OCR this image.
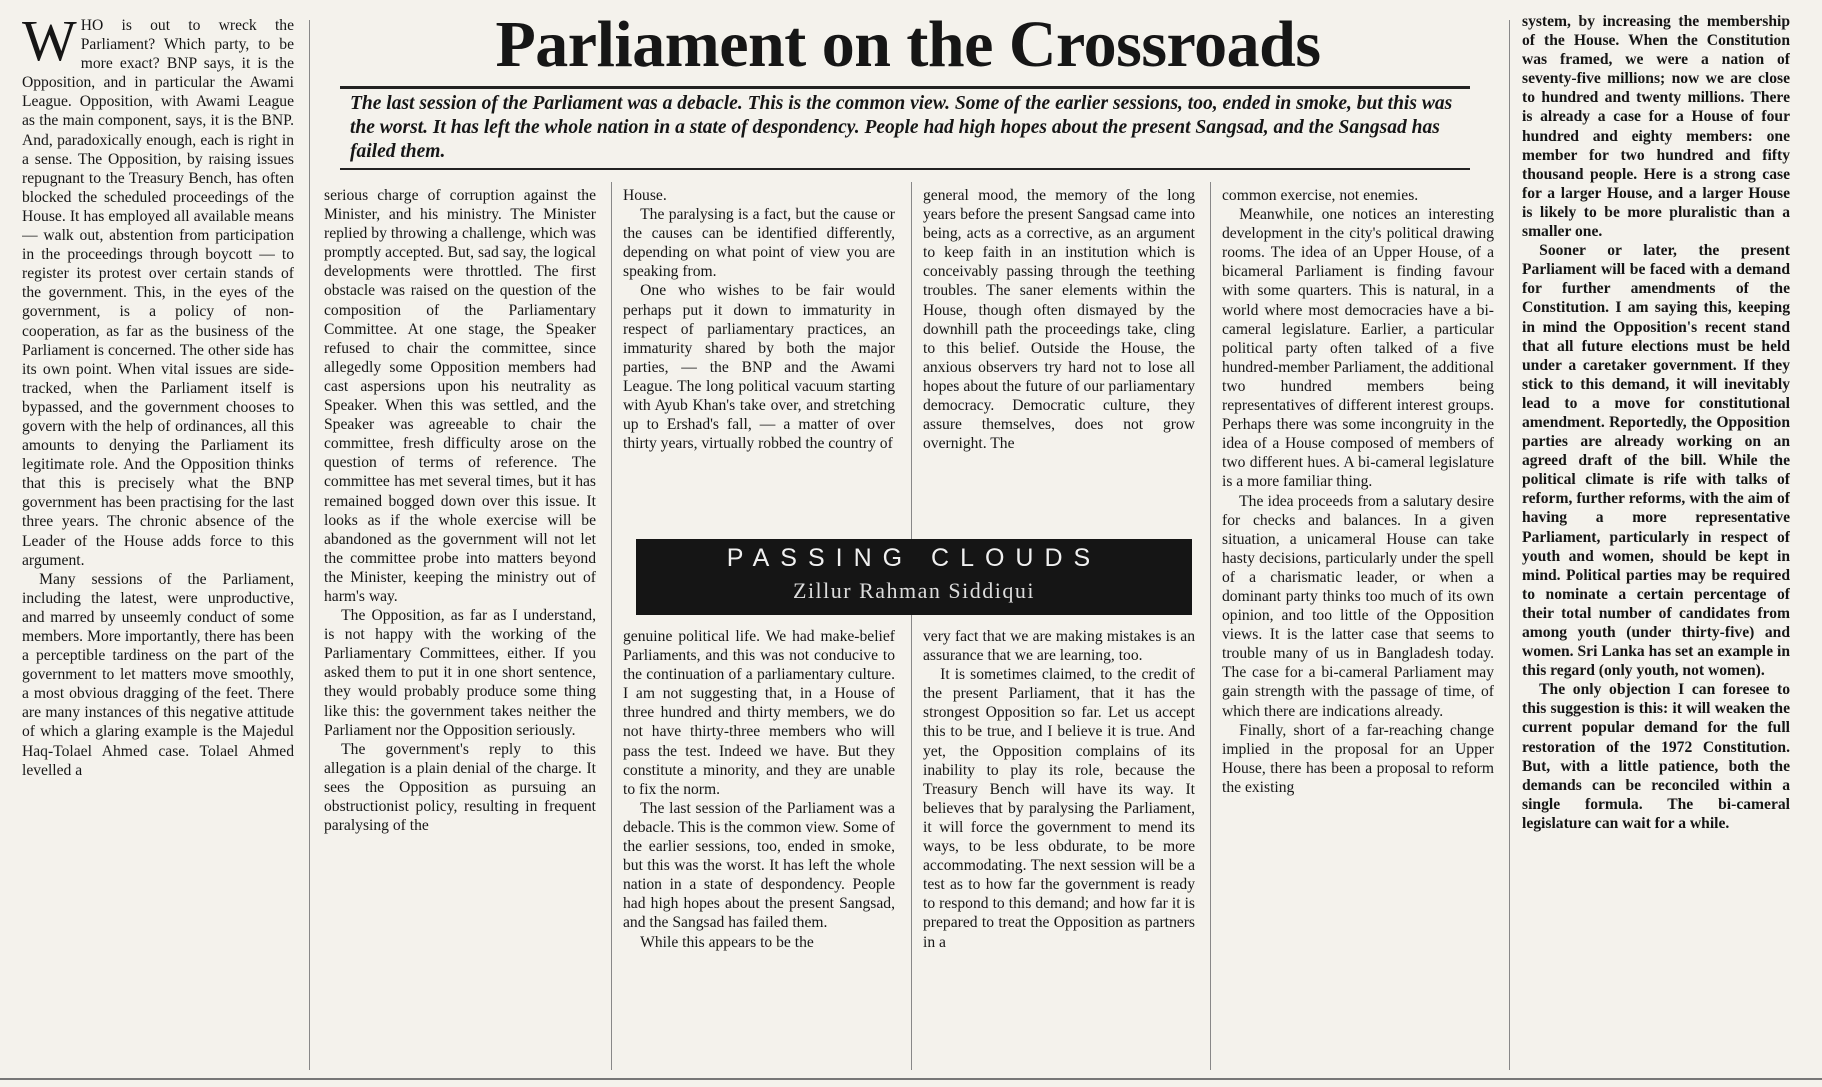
Parliament on the Crossroads
The last session of the Parliament was a debacle. This is the common view. Some of the earlier sessions, too, ended in smoke, but this was the worst. It has left the whole nation in a state of despondency. People had high hopes about the present Sangsad, and the Sangsad has failed them.

WHO is out to wreck the Parliament? Which party, to be more exact? BNP says, it is the Opposition, and in particular the Awami League. Opposition, with Awami League as the main component, says, it is the BNP. And, paradoxically enough, each is right in a sense. The Opposition, by raising issues repugnant to the Treasury Bench, has often blocked the scheduled proceedings of the House. It has employed all available means — walk out, abstention from participation in the proceedings through boycott — to register its protest over certain stands of the government. This, in the eyes of the government, is a policy of non-cooperation, as far as the business of the Parliament is concerned. The other side has its own point. When vital issues are side-tracked, when the Parliament itself is bypassed, and the government chooses to govern with the help of ordinances, all this amounts to denying the Parliament its legitimate role. And the Opposition thinks that this is precisely what the BNP government has been practising for the last three years. The chronic absence of the Leader of the House adds force to this argument.

Many sessions of the Parliament, including the latest, were unproductive, and marred by unseemly conduct of some members. More importantly, there has been a perceptible tardiness on the part of the government to let matters move smoothly, a most obvious dragging of the feet. There are many instances of this negative attitude of which a glaring example is the Majedul Haq-Tolael Ahmed case. Tolael Ahmed levelled a

serious charge of corruption against the Minister, and his ministry. The Minister replied by throwing a challenge, which was promptly accepted. But, sad say, the logical developments were throttled. The first obstacle was raised on the question of the composition of the Parliamentary Committee. At one stage, the Speaker refused to chair the committee, since allegedly some Opposition members had cast aspersions upon his neutrality as Speaker. When this was settled, and the Speaker was agreeable to chair the committee, fresh difficulty arose on the question of terms of reference. The committee has met several times, but it has remained bogged down over this issue. It looks as if the whole exercise will be abandoned as the government will not let the committee probe into matters beyond the Minister, keeping the ministry out of harm's way.

The Opposition, as far as I understand, is not happy with the working of the Parliamentary Committees, either. If you asked them to put it in one short sentence, they would probably produce some thing like this: the government takes neither the Parliament nor the Opposition seriously.

The government's reply to this allegation is a plain denial of the charge. It sees the Opposition as pursuing an obstructionist policy, resulting in frequent paralysing of the

House.

The paralysing is a fact, but the cause or the causes can be identified differently, depending on what point of view you are speaking from.

One who wishes to be fair would perhaps put it down to immaturity in respect of parliamentary practices, an immaturity shared by both the major parties, — the BNP and the Awami League. The long political vacuum starting with Ayub Khan's take over, and stretching up to Ershad's fall, — a matter of over thirty years, virtually robbed the country of

general mood, the memory of the long years before the present Sangsad came into being, acts as a corrective, as an argument to keep faith in an institution which is conceivably passing through the teething troubles. The saner elements within the House, though often dismayed by the downhill path the proceedings take, cling to this belief. Outside the House, the anxious observers try hard not to lose all hopes about the future of our parliamentary democracy. Democratic culture, they assure themselves, does not grow overnight. The

PASSING CLOUDS
Zillur Rahman Siddiqui

genuine political life. We had make-belief Parliaments, and this was not conducive to the continuation of a parliamentary culture. I am not suggesting that, in a House of three hundred and thirty members, we do not have thirty-three members who will pass the test. Indeed we have. But they constitute a minority, and they are unable to fix the norm.

The last session of the Parliament was a debacle. This is the common view. Some of the earlier sessions, too, ended in smoke, but this was the worst. It has left the whole nation in a state of despondency. People had high hopes about the present Sangsad, and the Sangsad has failed them.

While this appears to be the

very fact that we are making mistakes is an assurance that we are learning, too.

It is sometimes claimed, to the credit of the present Parliament, that it has the strongest Opposition so far. Let us accept this to be true, and I believe it is true. And yet, the Opposition complains of its inability to play its role, because the Treasury Bench will have its way. It believes that by paralysing the Parliament, it will force the government to mend its ways, to be less obdurate, to be more accommodating. The next session will be a test as to how far the government is ready to respond to this demand; and how far it is prepared to treat the Opposition as partners in a

common exercise, not enemies.

Meanwhile, one notices an interesting development in the city's political drawing rooms. The idea of an Upper House, of a bicameral Parliament is finding favour with some quarters. This is natural, in a world where most democracies have a bi-cameral legislature. Earlier, a particular political party often talked of a five hundred-member Parliament, the additional two hundred members being representatives of different interest groups. Perhaps there was some incongruity in the idea of a House composed of members of two different hues. A bi-cameral legislature is a more familiar thing.

The idea proceeds from a salutary desire for checks and balances. In a given situation, a unicameral House can take hasty decisions, particularly under the spell of a charismatic leader, or when a dominant party thinks too much of its own opinion, and too little of the Opposition views. It is the latter case that seems to trouble many of us in Bangladesh today. The case for a bi-cameral Parliament may gain strength with the passage of time, of which there are indications already.

Finally, short of a far-reaching change implied in the proposal for an Upper House, there has been a proposal to reform the existing

system, by increasing the membership of the House. When the Constitution was framed, we were a nation of seventy-five millions; now we are close to hundred and twenty millions. There is already a case for a House of four hundred and eighty members: one member for two hundred and fifty thousand people. Here is a strong case for a larger House, and a larger House is likely to be more pluralistic than a smaller one.

Sooner or later, the present Parliament will be faced with a demand for further amendments of the Constitution. I am saying this, keeping in mind the Opposition's recent stand that all future elections must be held under a caretaker government. If they stick to this demand, it will inevitably lead to a move for constitutional amendment. Reportedly, the Opposition parties are already working on an agreed draft of the bill. While the political climate is rife with talks of reform, further reforms, with the aim of having a more representative Parliament, particularly in respect of youth and women, should be kept in mind. Political parties may be required to nominate a certain percentage of their total number of candidates from among youth (under thirty-five) and women. Sri Lanka has set an example in this regard (only youth, not women).

The only objection I can foresee to this suggestion is this: it will weaken the current popular demand for the full restoration of the 1972 Constitution. But, with a little patience, both the demands can be reconciled within a single formula. The bi-cameral legislature can wait for a while.
